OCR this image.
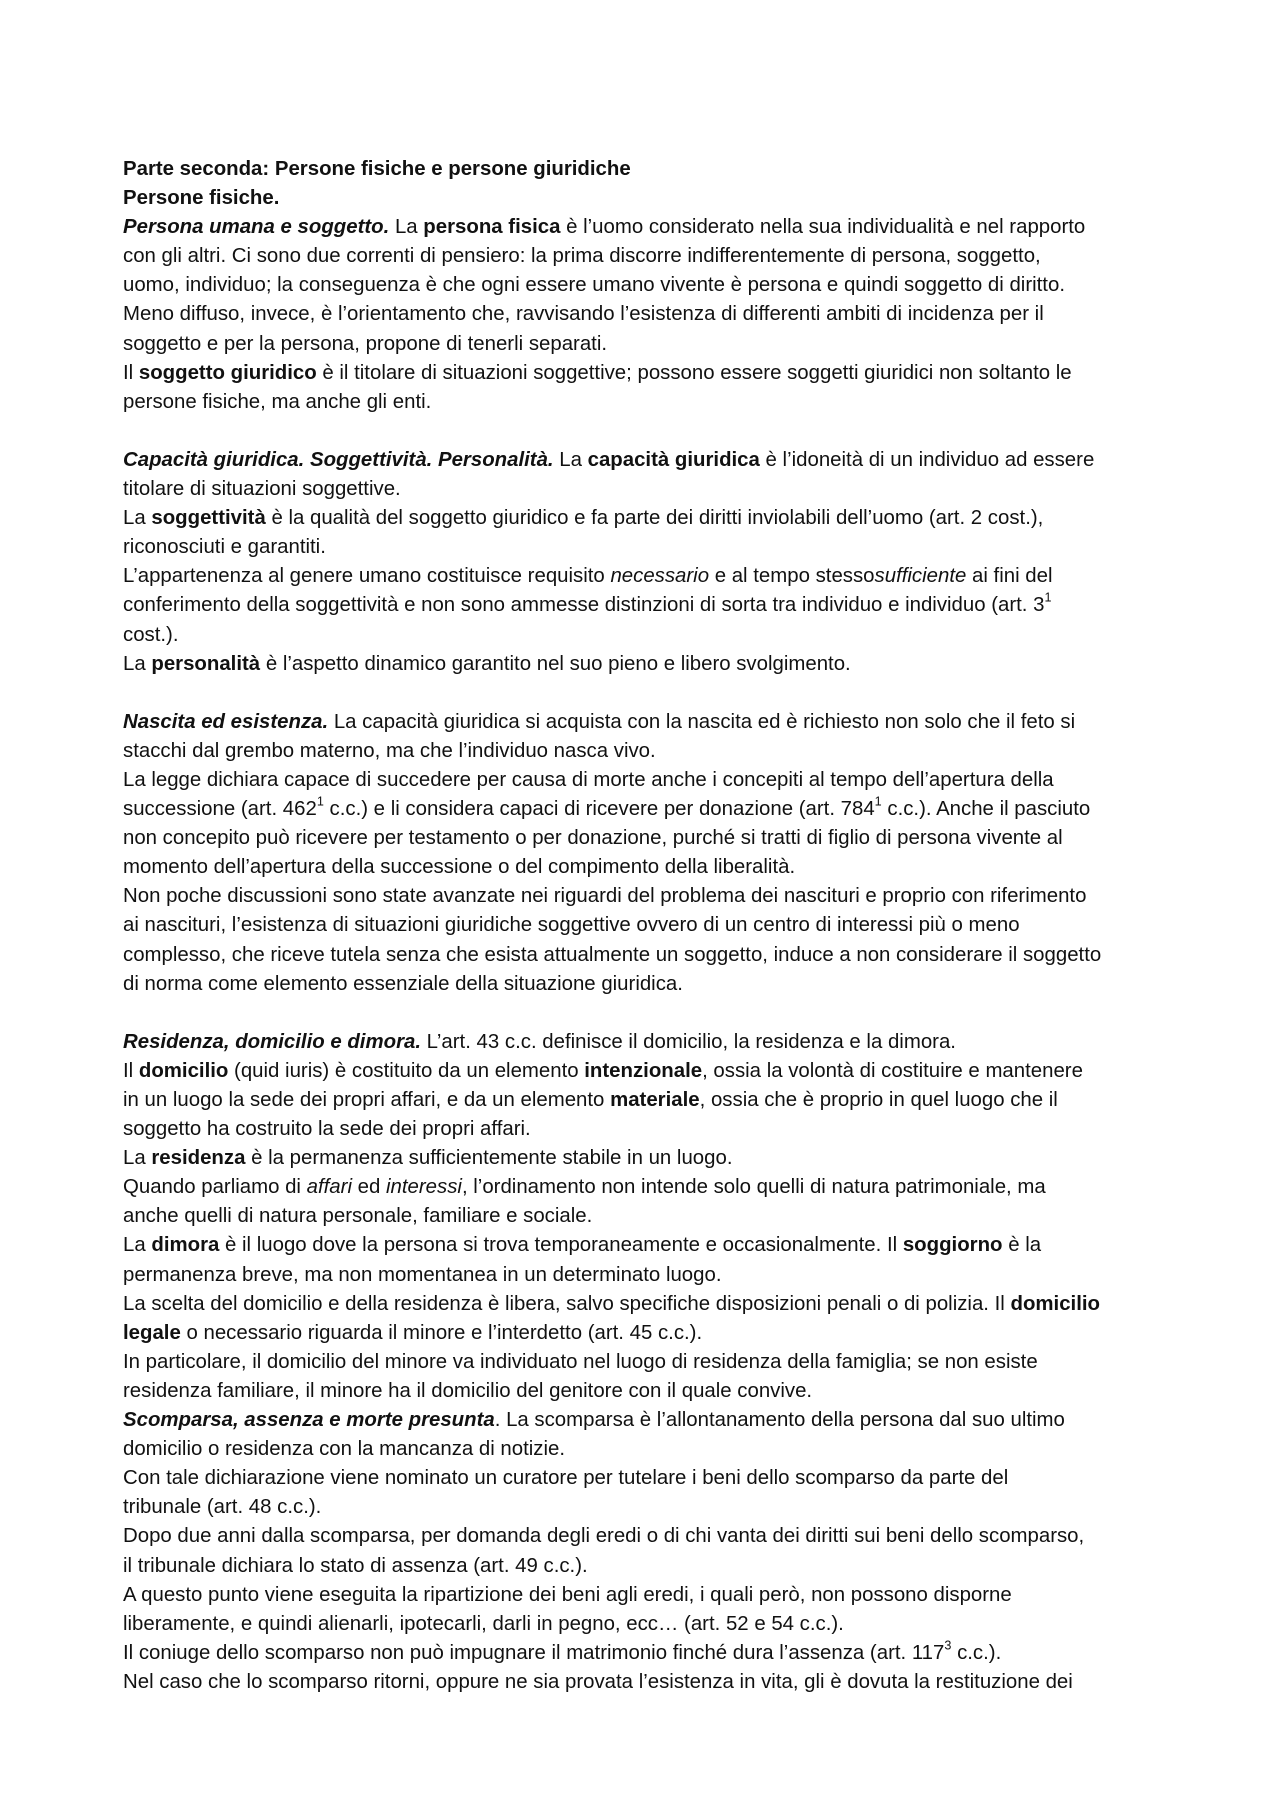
Parte seconda: Persone fisiche e persone giuridiche
Persone fisiche.
Persona umana e soggetto. La persona fisica è l’uomo considerato nella sua individualità e nel rapporto
con gli altri. Ci sono due correnti di pensiero: la prima discorre indifferentemente di persona, soggetto,
uomo, individuo; la conseguenza è che ogni essere umano vivente è persona e quindi soggetto di diritto.
Meno diffuso, invece, è l’orientamento che, ravvisando l’esistenza di differenti ambiti di incidenza per il
soggetto e per la persona, propone di tenerli separati.
Il soggetto giuridico è il titolare di situazioni soggettive; possono essere soggetti giuridici non soltanto le
persone fisiche, ma anche gli enti.
Capacità giuridica. Soggettività. Personalità. La capacità giuridica è l’idoneità di un individuo ad essere
titolare di situazioni soggettive.
La soggettività è la qualità del soggetto giuridico e fa parte dei diritti inviolabili dell’uomo (art. 2 cost.),
riconosciuti e garantiti.
L’appartenenza al genere umano costituisce requisito necessario e al tempo stessosufficiente ai fini del
conferimento della soggettività e non sono ammesse distinzioni di sorta tra individuo e individuo (art. $3^1$
cost.).
La personalità è l’aspetto dinamico garantito nel suo pieno e libero svolgimento.
Nascita ed esistenza. La capacità giuridica si acquista con la nascita ed è richiesto non solo che il feto si
stacchi dal grembo materno, ma che l’individuo nasca vivo.
La legge dichiara capace di succedere per causa di morte anche i concepiti al tempo dell’apertura della
successione (art. $462^1$ c.c.) e li considera capaci di ricevere per donazione (art. $784^1$ c.c.). Anche il pasciuto
non concepito può ricevere per testamento o per donazione, purché si tratti di figlio di persona vivente al
momento dell’apertura della successione o del compimento della liberalità.
Non poche discussioni sono state avanzate nei riguardi del problema dei nascituri e proprio con riferimento
ai nascituri, l’esistenza di situazioni giuridiche soggettive ovvero di un centro di interessi più o meno
complesso, che riceve tutela senza che esista attualmente un soggetto, induce a non considerare il soggetto
di norma come elemento essenziale della situazione giuridica.
Residenza, domicilio e dimora. L’art. 43 c.c. definisce il domicilio, la residenza e la dimora.
Il domicilio (quid iuris) è costituito da un elemento intenzionale, ossia la volontà di costituire e mantenere
in un luogo la sede dei propri affari, e da un elemento materiale, ossia che è proprio in quel luogo che il
soggetto ha costruito la sede dei propri affari.
La residenza è la permanenza sufficientemente stabile in un luogo.
Quando parliamo di affari ed interessi, l’ordinamento non intende solo quelli di natura patrimoniale, ma
anche quelli di natura personale, familiare e sociale.
La dimora è il luogo dove la persona si trova temporaneamente e occasionalmente. Il soggiorno è la
permanenza breve, ma non momentanea in un determinato luogo.
La scelta del domicilio e della residenza è libera, salvo specifiche disposizioni penali o di polizia. Il domicilio
legale o necessario riguarda il minore e l’interdetto (art. 45 c.c.).
In particolare, il domicilio del minore va individuato nel luogo di residenza della famiglia; se non esiste
residenza familiare, il minore ha il domicilio del genitore con il quale convive.
Scomparsa, assenza e morte presunta. La scomparsa è l’allontanamento della persona dal suo ultimo
domicilio o residenza con la mancanza di notizie.
Con tale dichiarazione viene nominato un curatore per tutelare i beni dello scomparso da parte del
tribunale (art. 48 c.c.).
Dopo due anni dalla scomparsa, per domanda degli eredi o di chi vanta dei diritti sui beni dello scomparso,
il tribunale dichiara lo stato di assenza (art. 49 c.c.).
A questo punto viene eseguita la ripartizione dei beni agli eredi, i quali però, non possono disporne
liberamente, e quindi alienarli, ipotecarli, darli in pegno, ecc… (art. 52 e 54 c.c.).
Il coniuge dello scomparso non può impugnare il matrimonio finché dura l’assenza (art. $117^3$ c.c.).
Nel caso che lo scomparso ritorni, oppure ne sia provata l’esistenza in vita, gli è dovuta la restituzione dei
